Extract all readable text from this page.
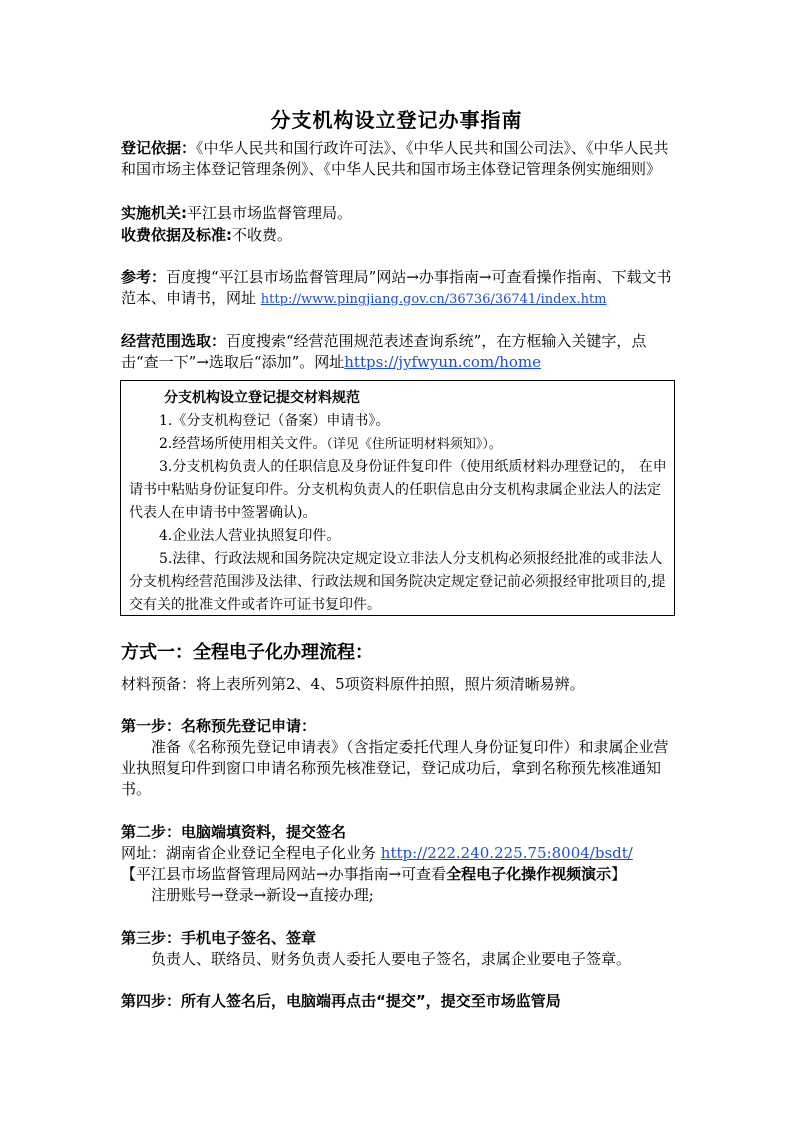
分支机构设立登记办事指南
登记依据：《中华人民共和国行政许可法》、《中华人民共和国公司法》、《中华人民共和国市场主体登记管理条例》、《中华人民共和国市场主体登记管理条例实施细则》
实施机关:平江县市场监督管理局。
收费依据及标准:不收费。
参考：百度搜“平江县市场监督管理局”网站→办事指南→可查看操作指南、下载文书范本、申请书，网址 http://www.pingjiang.gov.cn/36736/36741/index.htm
经营范围选取：百度搜索“经营范围规范表述查询系统”，在方框输入关键字，点击“查一下”→选取后“添加”。网址https://jyfwyun.com/home
分支机构设立登记提交材料规范
1.《分支机构登记（备案）申请书》。
2.经营场所使用相关文件。（详见《住所证明材料须知》）。
3.分支机构负责人的任职信息及身份证件复印件（使用纸质材料办理登记的， 在申请书中粘贴身份证复印件。分支机构负责人的任职信息由分支机构隶属企业法人的法定代表人在申请书中签署确认)。
4.企业法人营业执照复印件。
5.法律、行政法规和国务院决定规定设立非法人分支机构必须报经批准的或非法人分支机构经营范围涉及法律、行政法规和国务院决定规定登记前必须报经审批项目的,提交有关的批准文件或者许可证书复印件。
方式一：全程电子化办理流程：
材料预备：将上表所列第2、4、5项资料原件拍照，照片须清晰易辨。
第一步：名称预先登记申请：
准备《名称预先登记申请表》（含指定委托代理人身份证复印件）和隶属企业营业执照复印件到窗口申请名称预先核准登记，登记成功后，拿到名称预先核准通知书。
第二步：电脑端填资料，提交签名
网址：湖南省企业登记全程电子化业务 http://222.240.225.75:8004/bsdt/
【平江县市场监督管理局网站→办事指南→可查看全程电子化操作视频演示】
注册账号→登录→新设→直接办理;
第三步：手机电子签名、签章
负责人、联络员、财务负责人委托人要电子签名，隶属企业要电子签章。
第四步：所有人签名后，电脑端再点击“提交”，提交至市场监管局
